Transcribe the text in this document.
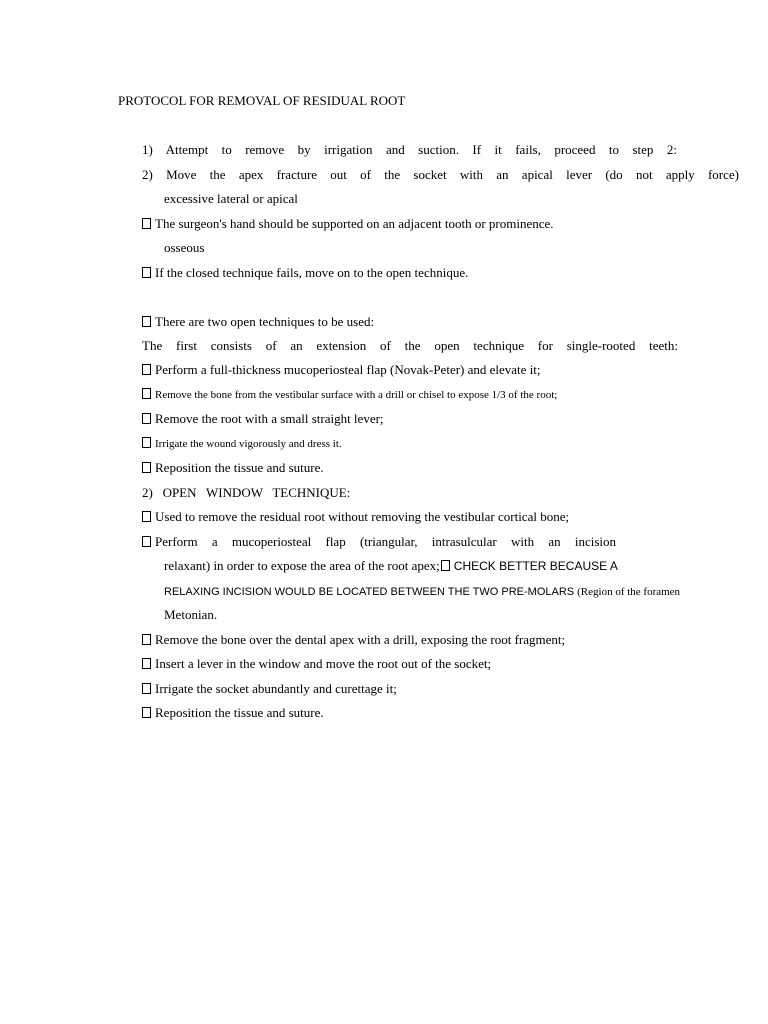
PROTOCOL FOR REMOVAL OF RESIDUAL ROOT
1) Attempt to remove by irrigation and suction. If it fails, proceed to step 2:
2) Move the apex fracture out of the socket with an apical lever (do not apply force)
excessive lateral or apical
The surgeon's hand should be supported on an adjacent tooth or prominence.
osseous
If the closed technique fails, move on to the open technique.
There are two open techniques to be used:
The first consists of an extension of the open technique for single-rooted teeth:
Perform a full-thickness mucoperiosteal flap (Novak-Peter) and elevate it;
Remove the bone from the vestibular surface with a drill or chisel to expose 1/3 of the root;
Remove the root with a small straight lever;
Irrigate the wound vigorously and dress it.
Reposition the tissue and suture.
2)   OPEN   WINDOW   TECHNIQUE:
Used to remove the residual root without removing the vestibular cortical bone;
Perform a mucoperiosteal flap (triangular, intrasulcular with an incision
relaxant) in order to expose the area of the root apex; CHECK BETTER BECAUSE A
RELAXING INCISION WOULD BE LOCATED BETWEEN THE TWO PRE-MOLARS (Region of the foramen
Metonian.
Remove the bone over the dental apex with a drill, exposing the root fragment;
Insert a lever in the window and move the root out of the socket;
Irrigate the socket abundantly and curettage it;
Reposition the tissue and suture.
